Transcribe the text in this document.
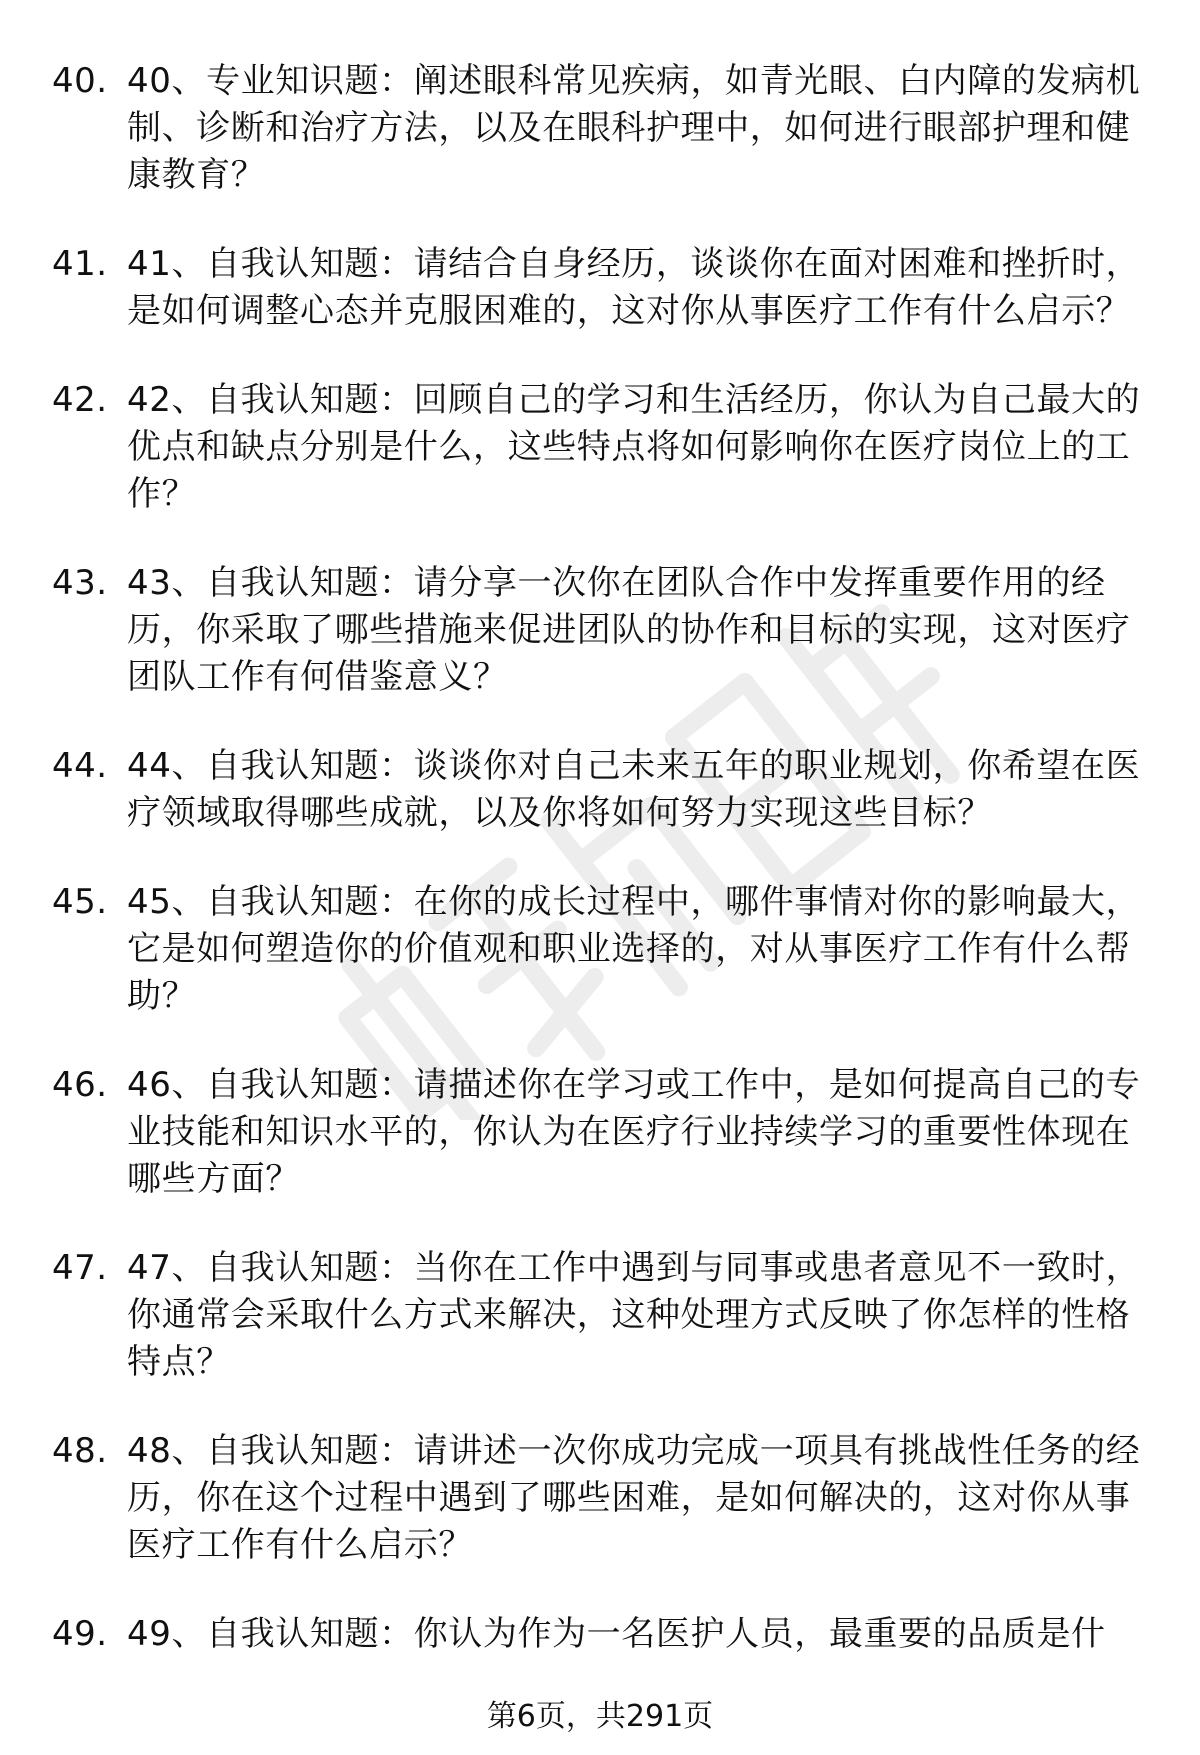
40. 40、专业知识题：阐述眼科常见疾病，如青光眼、白内障的发病机制、诊断和治疗方法，以及在眼科护理中，如何进行眼部护理和健康教育？
41. 41、自我认知题：请结合自身经历，谈谈你在面对困难和挫折时，是如何调整心态并克服困难的，这对你从事医疗工作有什么启示？
42. 42、自我认知题：回顾自己的学习和生活经历，你认为自己最大的优点和缺点分别是什么，这些特点将如何影响你在医疗岗位上的工作？
43. 43、自我认知题：请分享一次你在团队合作中发挥重要作用的经历，你采取了哪些措施来促进团队的协作和目标的实现，这对医疗团队工作有何借鉴意义？
44. 44、自我认知题：谈谈你对自己未来五年的职业规划，你希望在医疗领域取得哪些成就，以及你将如何努力实现这些目标？
45. 45、自我认知题：在你的成长过程中，哪件事情对你的影响最大，它是如何塑造你的价值观和职业选择的，对从事医疗工作有什么帮助？
46. 46、自我认知题：请描述你在学习或工作中，是如何提高自己的专业技能和知识水平的，你认为在医疗行业持续学习的重要性体现在哪些方面？
47. 47、自我认知题：当你在工作中遇到与同事或患者意见不一致时，你通常会采取什么方式来解决，这种处理方式反映了你怎样的性格特点？
48. 48、自我认知题：请讲述一次你成功完成一项具有挑战性任务的经历，你在这个过程中遇到了哪些困难，是如何解决的，这对你从事医疗工作有什么启示？
49. 49、自我认知题：你认为作为一名医护人员，最重要的品质是什
第6页，共291页
